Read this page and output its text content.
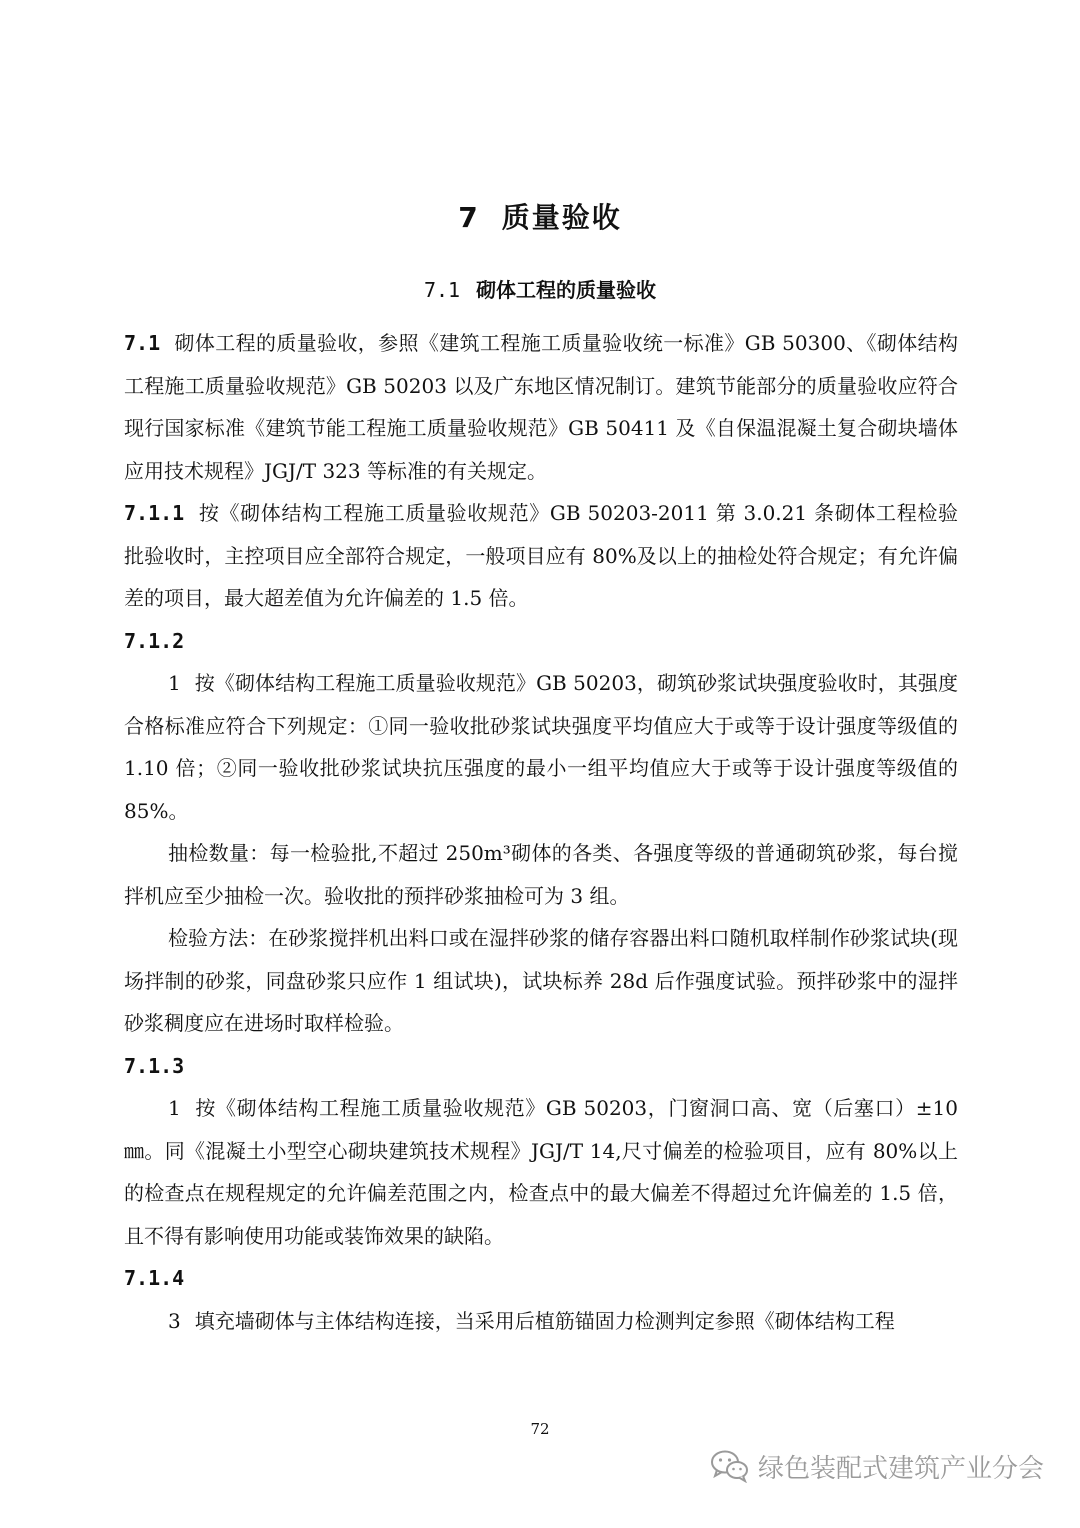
7 质量验收
7.1 砌体工程的质量验收

7.1 砌体工程的质量验收，参照《建筑工程施工质量验收统一标准》GB 50300、《砌体结构工程施工质量验收规范》GB 50203 以及广东地区情况制订。建筑节能部分的质量验收应符合现行国家标准《建筑节能工程施工质量验收规范》GB 50411 及《自保温混凝土复合砌块墙体应用技术规程》JGJ/T 323 等标准的有关规定。

7.1.1 按《砌体结构工程施工质量验收规范》GB 50203-2011 第 3.0.21 条砌体工程检验批验收时，主控项目应全部符合规定，一般项目应有 80%及以上的抽检处符合规定；有允许偏差的项目，最大超差值为允许偏差的 1.5 倍。

7.1.2

1 按《砌体结构工程施工质量验收规范》GB 50203，砌筑砂浆试块强度验收时，其强度合格标准应符合下列规定：①同一验收批砂浆试块强度平均值应大于或等于设计强度等级值的 1.10 倍；②同一验收批砂浆试块抗压强度的最小一组平均值应大于或等于设计强度等级值的 85%。

抽检数量：每一检验批,不超过 250m³砌体的各类、各强度等级的普通砌筑砂浆，每台搅拌机应至少抽检一次。验收批的预拌砂浆抽检可为 3 组。

检验方法：在砂浆搅拌机出料口或在湿拌砂浆的储存容器出料口随机取样制作砂浆试块(现场拌制的砂浆，同盘砂浆只应作 1 组试块)，试块标养 28d 后作强度试验。预拌砂浆中的湿拌砂浆稠度应在进场时取样检验。

7.1.3

1 按《砌体结构工程施工质量验收规范》GB 50203，门窗洞口高、宽（后塞口）±10㎜。同《混凝土小型空心砌块建筑技术规程》JGJ/T 14,尺寸偏差的检验项目，应有 80%以上的检查点在规程规定的允许偏差范围之内，检查点中的最大偏差不得超过允许偏差的 1.5 倍，且不得有影响使用功能或装饰效果的缺陷。

7.1.4

3 填充墙砌体与主体结构连接，当采用后植筋锚固力检测判定参照《砌体结构工程

72
绿色装配式建筑产业分会
